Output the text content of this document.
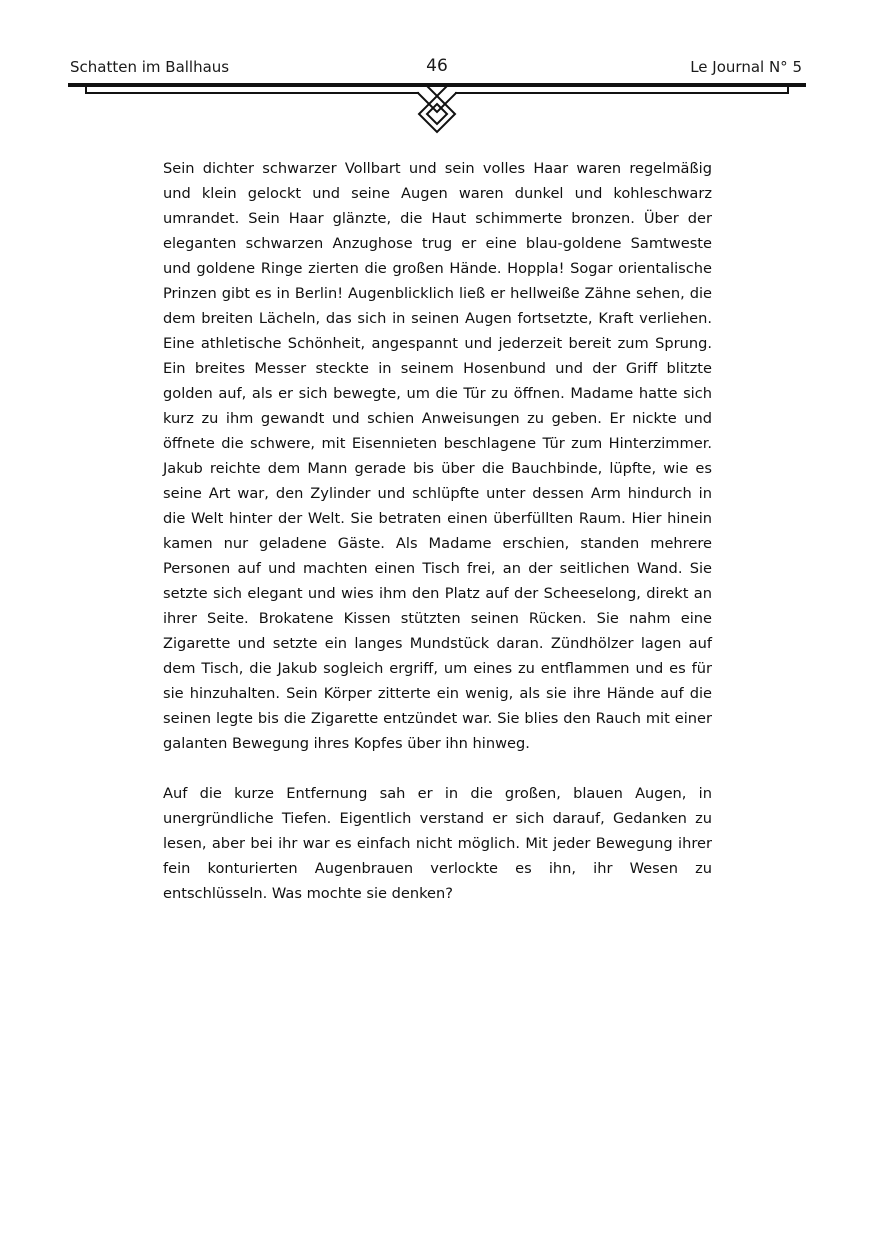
Schatten im Ballhaus	46	Le Journal N° 5

Sein dichter schwarzer Vollbart und sein volles Haar waren regelmäßig und klein gelockt und seine Augen waren dunkel und kohleschwarz umrandet. Sein Haar glänzte, die Haut schimmerte bronzen. Über der eleganten schwarzen Anzughose trug er eine blau-goldene Samtweste und goldene Ringe zierten die großen Hände. Hoppla! Sogar orientalische Prinzen gibt es in Berlin! Augenblicklich ließ er hellweiße Zähne sehen, die dem breiten Lächeln, das sich in seinen Augen fortsetzte, Kraft verliehen. Eine athletische Schönheit, angespannt und jederzeit bereit zum Sprung. Ein breites Messer steckte in seinem Hosenbund und der Griff blitzte golden auf, als er sich bewegte, um die Tür zu öffnen. Madame hatte sich kurz zu ihm gewandt und schien Anweisungen zu geben. Er nickte und öffnete die schwere, mit Eisennieten beschlagene Tür zum Hinterzimmer. Jakub reichte dem Mann gerade bis über die Bauchbinde, lüpfte, wie es seine Art war, den Zylinder und schlüpfte unter dessen Arm hindurch in die Welt hinter der Welt. Sie betraten einen überfüllten Raum. Hier hinein kamen nur geladene Gäste. Als Madame erschien, standen mehrere Personen auf und machten einen Tisch frei, an der seitlichen Wand. Sie setzte sich elegant und wies ihm den Platz auf der Scheeselong, direkt an ihrer Seite. Brokatene Kissen stützten seinen Rücken. Sie nahm eine Zigarette und setzte ein langes Mundstück daran. Zündhölzer lagen auf dem Tisch, die Jakub sogleich ergriff, um eines zu entflammen und es für sie hinzuhalten. Sein Körper zitterte ein wenig, als sie ihre Hände auf die seinen legte bis die Zigarette entzündet war. Sie blies den Rauch mit einer galanten Bewegung ihres Kopfes über ihn hinweg.

Auf die kurze Entfernung sah er in die großen, blauen Augen, in unergründliche Tiefen. Eigentlich verstand er sich darauf, Gedanken zu lesen, aber bei ihr war es einfach nicht möglich. Mit jeder Bewegung ihrer fein konturierten Augenbrauen verlockte es ihn, ihr Wesen zu entschlüsseln. Was mochte sie denken?
